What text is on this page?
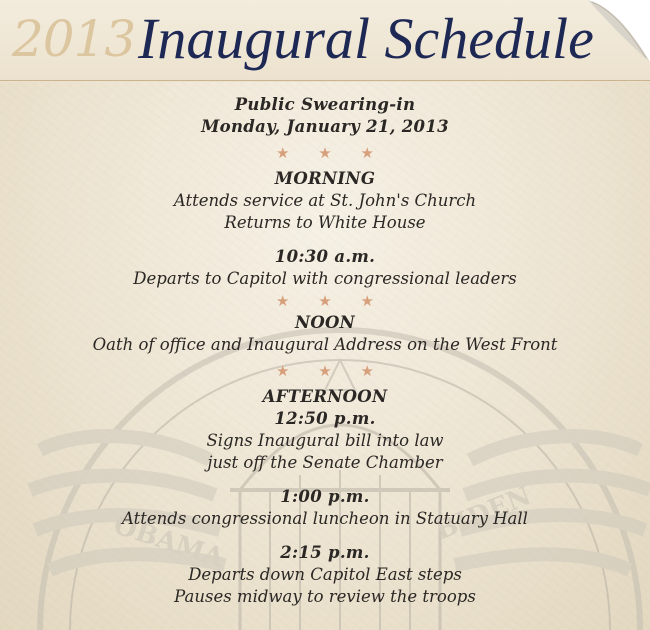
OBAMA	BIDEN
2013 Inaugural Schedule
Public Swearing-in
Monday, January 21, 2013
★ ★ ★
MORNING
Attends service at St. John's Church
Returns to White House
10:30 a.m.
Departs to Capitol with congressional leaders
★ ★ ★
NOON
Oath of office and Inaugural Address on the West Front
★ ★ ★
AFTERNOON
12:50 p.m.
Signs Inaugural bill into law
just off the Senate Chamber
1:00 p.m.
Attends congressional luncheon in Statuary Hall
2:15 p.m.
Departs down Capitol East steps
Pauses midway to review the troops
